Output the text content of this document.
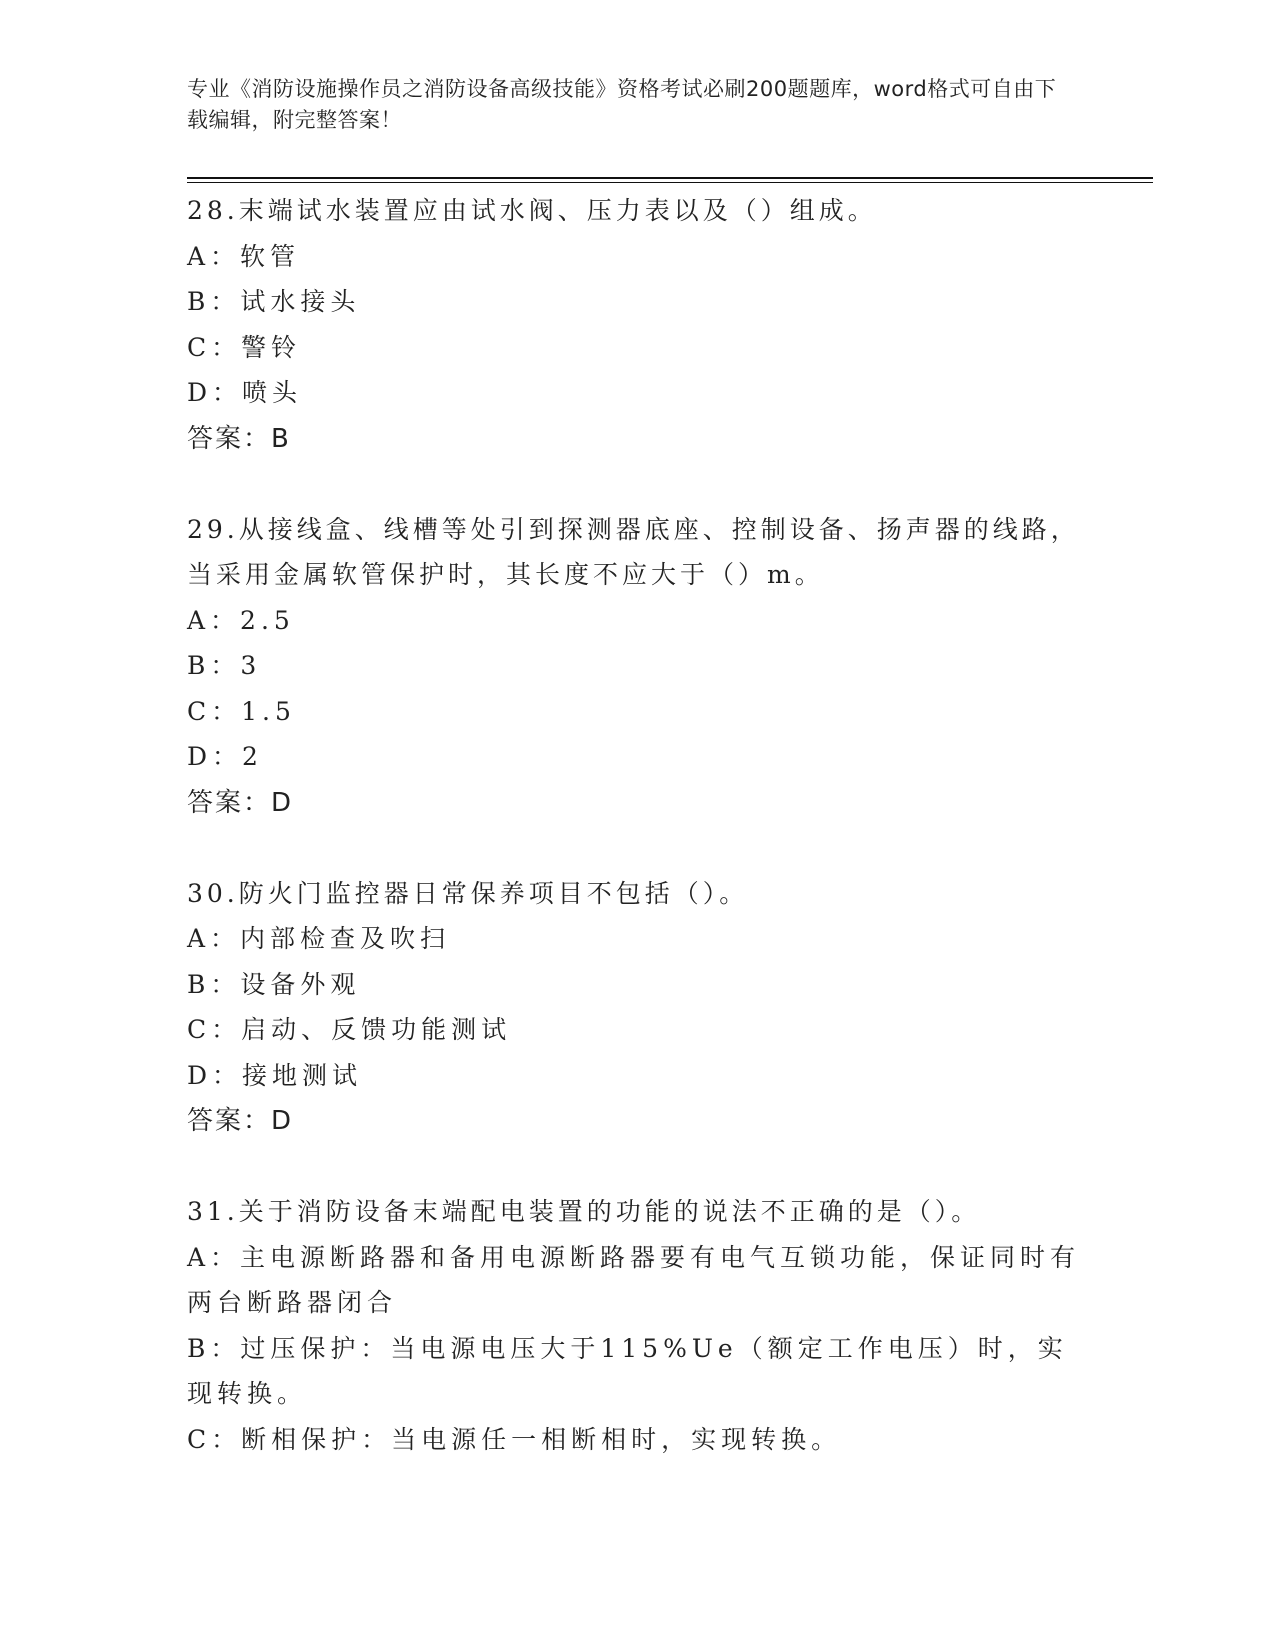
专业《消防设施操作员之消防设备高级技能》资格考试必刷200题题库，word格式可自由下载编辑，附完整答案！
28.末端试水装置应由试水阀、压力表以及（）组成。
A：软管
B：试水接头
C：警铃
D：喷头
答案：B
29.从接线盒、线槽等处引到探测器底座、控制设备、扬声器的线路，当采用金属软管保护时，其长度不应大于（）m。
A：2.5
B：3
C：1.5
D：2
答案：D
30.防火门监控器日常保养项目不包括（）。
A：内部检查及吹扫
B：设备外观
C：启动、反馈功能测试
D：接地测试
答案：D
31.关于消防设备末端配电装置的功能的说法不正确的是（）。
A：主电源断路器和备用电源断路器要有电气互锁功能，保证同时有两台断路器闭合
B：过压保护：当电源电压大于115%Ue（额定工作电压）时，实现转换。
C：断相保护：当电源任一相断相时，实现转换。
